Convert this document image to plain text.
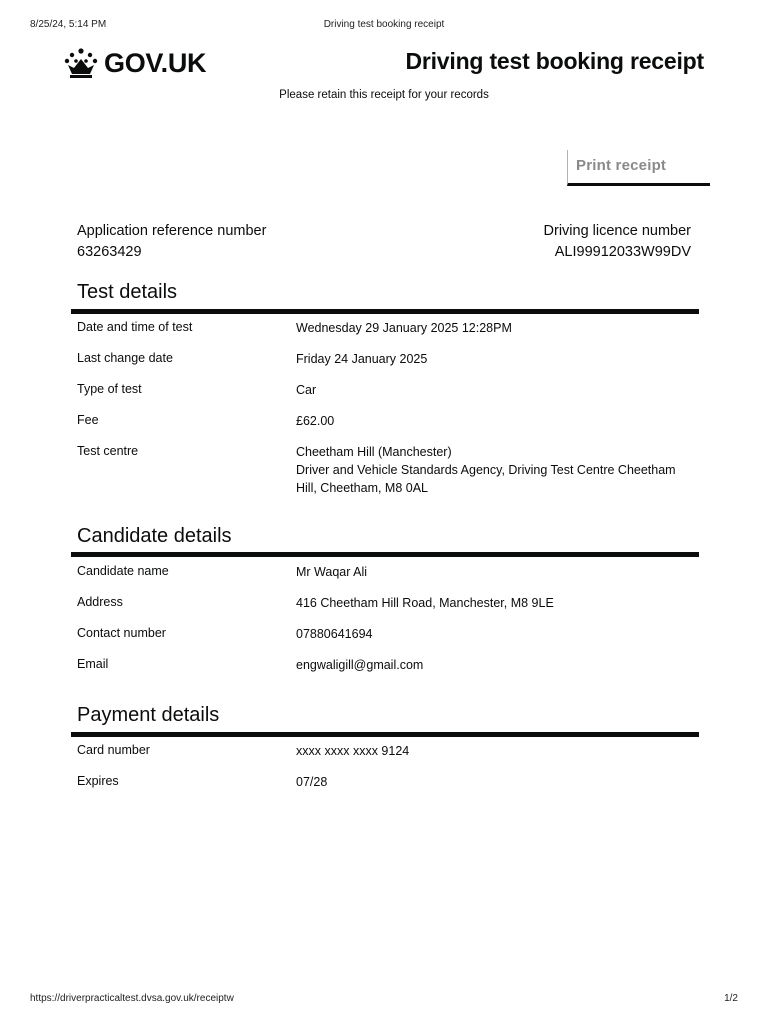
8/25/24, 5:14 PM	Driving test booking receipt
GOV.UK	Driving test booking receipt
Please retain this receipt for your records
Print receipt
Application reference number
63263429
Driving licence number
ALI99912033W99DV
Test details
Date and time of test	Wednesday 29 January 2025 12:28PM
Last change date	Friday 24 January 2025
Type of test	Car
Fee	£62.00
Test centre	Cheetham Hill (Manchester)
Driver and Vehicle Standards Agency, Driving Test Centre Cheetham
Hill, Cheetham, M8 0AL
Candidate details
Candidate name	Mr Waqar Ali
Address	416 Cheetham Hill Road, Manchester, M8 9LE
Contact number	07880641694
Email	engwaligill@gmail.com
Payment details
Card number	xxxx xxxx xxxx 9124
Expires	07/28
https://driverpracticaltest.dvsa.gov.uk/receiptw	1/2
